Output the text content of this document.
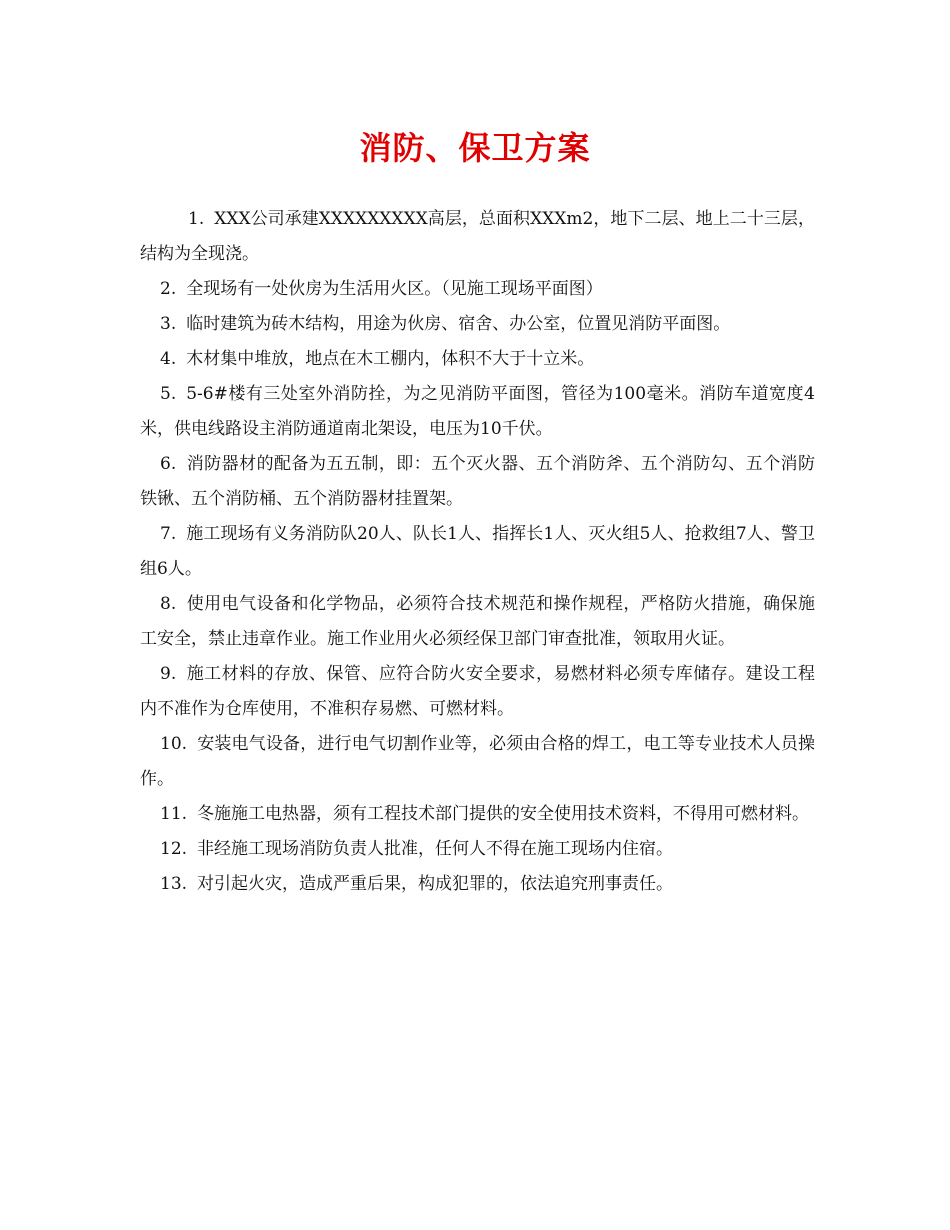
消防、保卫方案

1. XXX公司承建XXXXXXXXX高层，总面积XXXm2，地下二层、地上二十三层，结构为全现浇。

2. 全现场有一处伙房为生活用火区。（见施工现场平面图）

3. 临时建筑为砖木结构，用途为伙房、宿舍、办公室，位置见消防平面图。

4. 木材集中堆放，地点在木工棚内，体积不大于十立米。

5. 5-6#楼有三处室外消防拴，为之见消防平面图，管径为100毫米。消防车道宽度4米，供电线路设主消防通道南北架设，电压为10千伏。

6. 消防器材的配备为五五制，即：五个灭火器、五个消防斧、五个消防勾、五个消防铁锹、五个消防桶、五个消防器材挂置架。

7. 施工现场有义务消防队20人、队长1人、指挥长1人、灭火组5人、抢救组7人、警卫组6人。

8. 使用电气设备和化学物品，必须符合技术规范和操作规程，严格防火措施，确保施工安全，禁止违章作业。施工作业用火必须经保卫部门审查批准，领取用火证。

9. 施工材料的存放、保管、应符合防火安全要求，易燃材料必须专库储存。建设工程内不准作为仓库使用，不准积存易燃、可燃材料。

10. 安装电气设备，进行电气切割作业等，必须由合格的焊工，电工等专业技术人员操作。

11. 冬施施工电热器，须有工程技术部门提供的安全使用技术资料，不得用可燃材料。

12. 非经施工现场消防负责人批准，任何人不得在施工现场内住宿。

13. 对引起火灾，造成严重后果，构成犯罪的，依法追究刑事责任。
